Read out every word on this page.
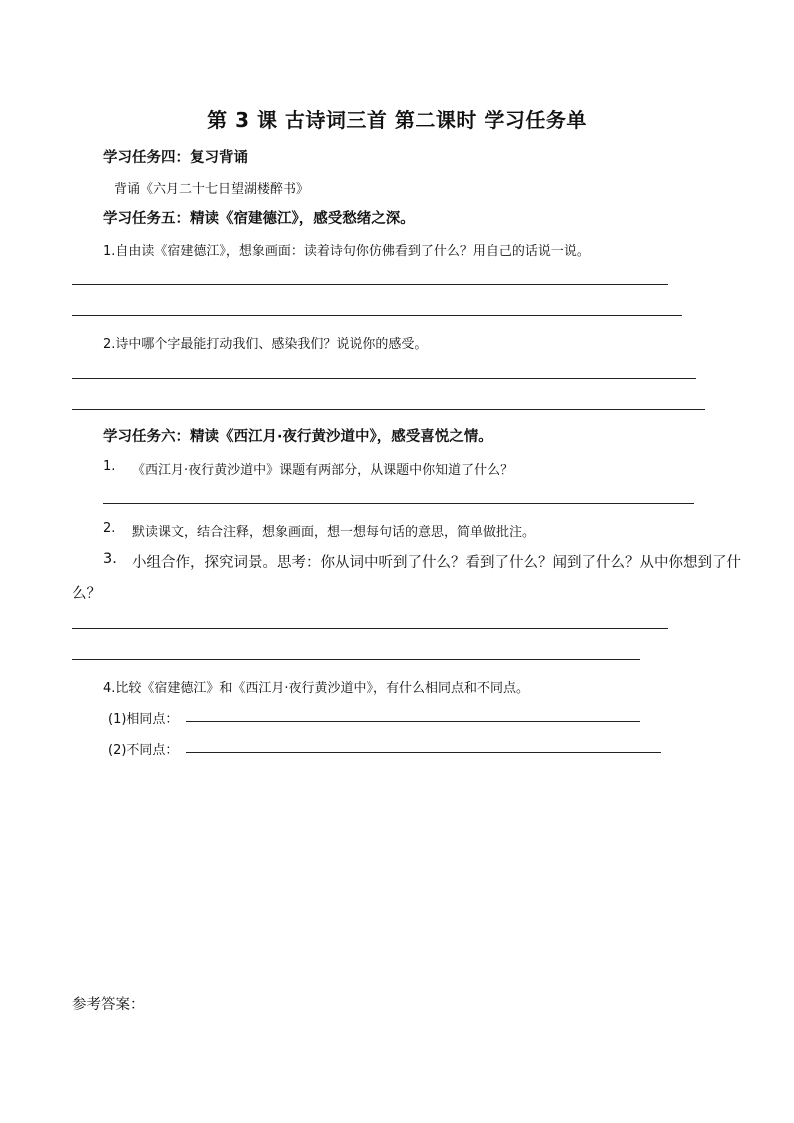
第 3 课 古诗词三首 第二课时 学习任务单
学习任务四：复习背诵
背诵《六月二十七日望湖楼醉书》
学习任务五：精读《宿建德江》，感受愁绪之深。
1.自由读《宿建德江》，想象画面：读着诗句你仿佛看到了什么？用自己的话说一说。
2.诗中哪个字最能打动我们、感染我们？说说你的感受。
学习任务六：精读《西江月·夜行黄沙道中》，感受喜悦之情。
1. 《西江月·夜行黄沙道中》课题有两部分，从课题中你知道了什么？
2. 默读课文，结合注释，想象画面，想一想每句话的意思，简单做批注。
3. 小组合作，探究词景。思考：你从词中听到了什么？看到了什么？闻到了什么？从中你想到了什
么？
4.比较《宿建德江》和《西江月·夜行黄沙道中》，有什么相同点和不同点。
(1)相同点：
(2)不同点：
参考答案：
